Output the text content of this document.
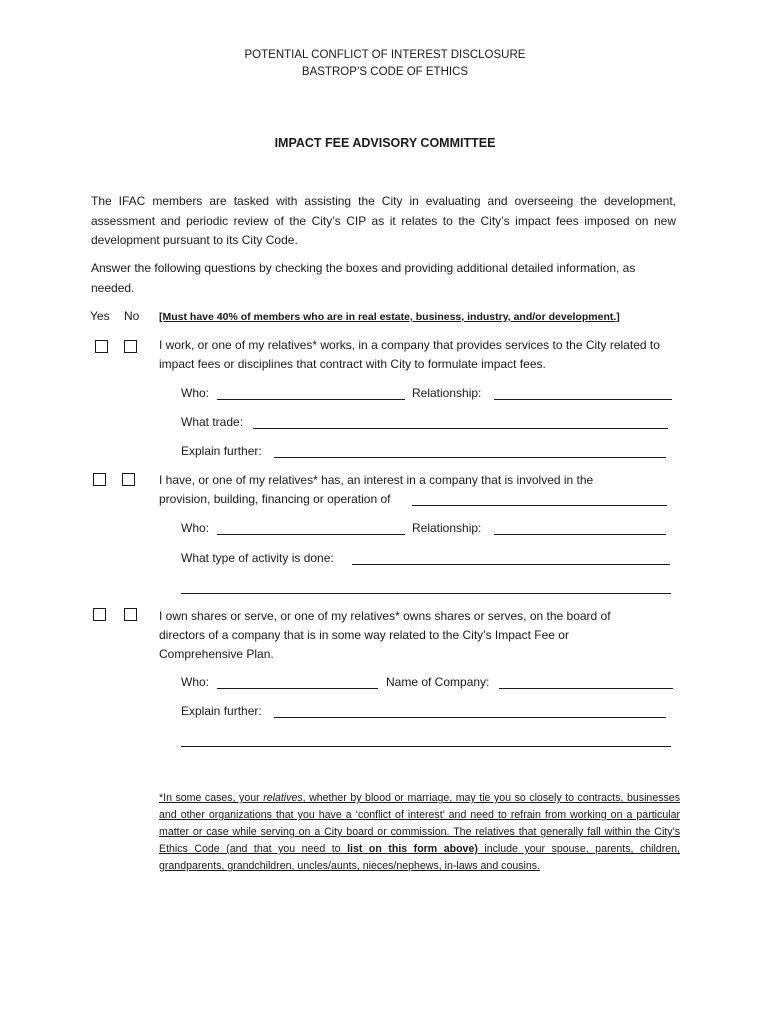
POTENTIAL CONFLICT OF INTEREST DISCLOSURE
BASTROP’S CODE OF ETHICS
IMPACT FEE ADVISORY COMMITTEE
The IFAC members are tasked with assisting the City in evaluating and overseeing the development, assessment and periodic review of the City’s CIP as it relates to the City’s impact fees imposed on new development pursuant to its City Code.
Answer the following questions by checking the boxes and providing additional detailed information, as needed.
Yes No [Must have 40% of members who are in real estate, business, industry, and/or development.]
I work, or one of my relatives* works, in a company that provides services to the City related to impact fees or disciplines that contract with City to formulate impact fees.
Who:	Relationship:
What trade:
Explain further:
I have, or one of my relatives* has, an interest in a company that is involved in the provision, building, financing or operation of
Who:	Relationship:
What type of activity is done:
I own shares or serve, or one of my relatives* owns shares or serves, on the board of directors of a company that is in some way related to the City’s Impact Fee or Comprehensive Plan.
Who:	Name of Company:
Explain further:
*In some cases, your relatives, whether by blood or marriage, may tie you so closely to contracts, businesses and other organizations that you have a ‘conflict of interest’ and need to refrain from working on a particular matter or case while serving on a City board or commission. The relatives that generally fall within the City’s Ethics Code (and that you need to list on this form above) include your spouse, parents, children, grandparents, grandchildren, uncles/aunts, nieces/nephews, in-laws and cousins.
